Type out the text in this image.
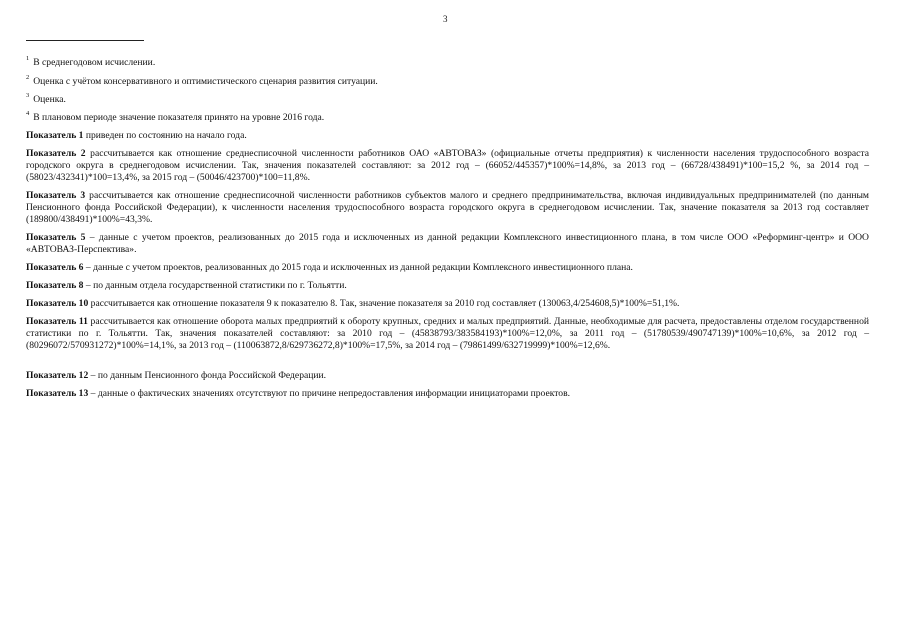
3
$^1$ В среднегодовом исчислении.
$^2$ Оценка с учётом консервативного и оптимистического сценария развития ситуации.
$^3$ Оценка.
$^4$ В плановом периоде значение показателя принято на уровне 2016 года.
Показатель 1 приведен по состоянию на начало года.
Показатель 2 рассчитывается как отношение среднесписочной численности работников ОАО «АВТОВАЗ» (официальные отчеты предприятия) к численности населения трудоспособного возраста городского округа в среднегодовом исчислении. Так, значения показателей составляют: за 2012 год – (66052/445357)*100%=14,8%, за 2013 год – (66728/438491)*100=15,2 %, за 2014 год – (58023/432341)*100=13,4%, за 2015 год – (50046/423700)*100=11,8%.
Показатель 3 рассчитывается как отношение среднесписочной численности работников субъектов малого и среднего предпринимательства, включая индивидуальных предпринимателей (по данным Пенсионного фонда Российской Федерации), к численности населения трудоспособного возраста городского округа в среднегодовом исчислении. Так, значение показателя за 2013 год составляет (189800/438491)*100%=43,3%.
Показатель 5 – данные с учетом проектов, реализованных до 2015 года и исключенных из данной редакции Комплексного инвестиционного плана, в том числе ООО «Реформинг-центр» и ООО «АВТОВАЗ-Перспектива».
Показатель 6 – данные с учетом проектов, реализованных до 2015 года и исключенных из данной редакции Комплексного инвестиционного плана.
Показатель 8 – по данным отдела государственной статистики по г. Тольятти.
Показатель 10 рассчитывается как отношение показателя 9 к показателю 8. Так, значение показателя за 2010 год составляет (130063,4/254608,5)*100%=51,1%.
Показатель 11 рассчитывается как отношение оборота малых предприятий к обороту крупных, средних и малых предприятий. Данные, необходимые для расчета, предоставлены отделом государственной статистики по г. Тольятти. Так, значения показателей составляют: за 2010 год – (45838793/383584193)*100%=12,0%, за 2011 год – (51780539/490747139)*100%=10,6%, за 2012 год – (80296072/570931272)*100%=14,1%, за 2013 год – (110063872,8/629736272,8)*100%=17,5%, за 2014 год – (79861499/632719999)*100%=12,6%.
Показатель 12 – по данным Пенсионного фонда Российской Федерации.
Показатель 13 – данные о фактических значениях отсутствуют по причине непредоставления информации инициаторами проектов.
